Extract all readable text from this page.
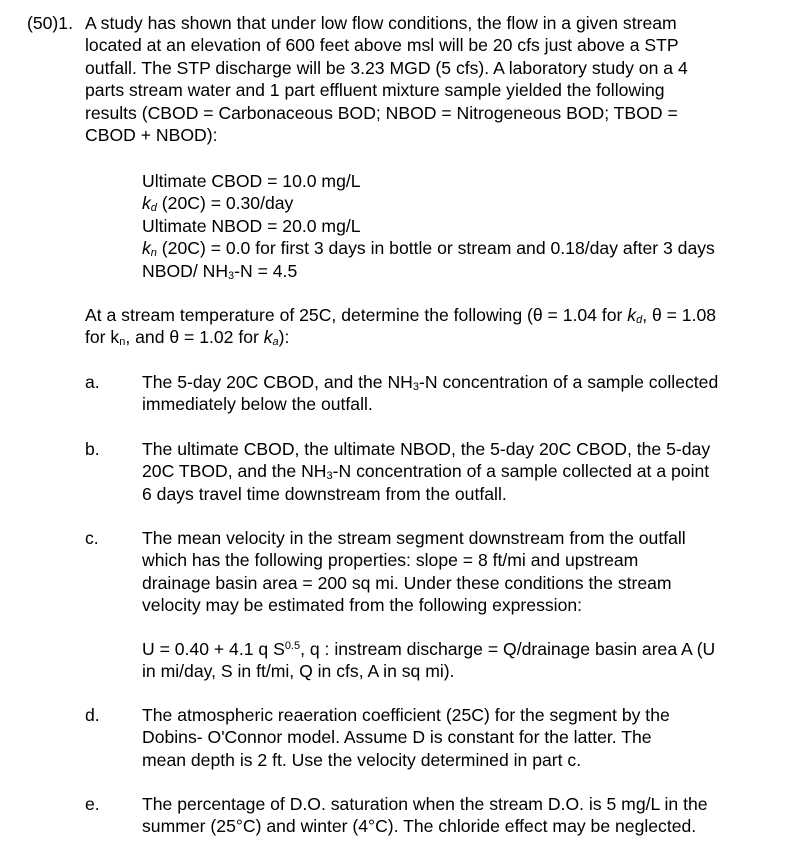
(50)1. A study has shown that under low flow conditions, the flow in a given stream
located at an elevation of 600 feet above msl will be 20 cfs just above a STP
outfall. The STP discharge will be 3.23 MGD (5 cfs). A laboratory study on a 4
parts stream water and 1 part effluent mixture sample yielded the following
results (CBOD = Carbonaceous BOD; NBOD = Nitrogeneous BOD; TBOD =
CBOD + NBOD):
Ultimate CBOD = 10.0 mg/L
$k_d$ (20C) = 0.30/day
Ultimate NBOD = 20.0 mg/L
$k_n$ (20C) = 0.0 for first 3 days in bottle or stream and 0.18/day after 3 days
NBOD/ $NH_3-N = 4.5$
At a stream temperature of 25C, determine the following (θ = 1.04 for $k_d$, θ = 1.08
for $k_n$, and θ = 1.02 for $k_a$):
a.	The 5-day 20C CBOD, and the $NH_3-N$ concentration of a sample collected
immediately below the outfall.
b.	The ultimate CBOD, the ultimate NBOD, the 5-day 20C CBOD, the 5-day
20C TBOD, and the $NH_3-N$ concentration of a sample collected at a point
6 days travel time downstream from the outfall.
c.	The mean velocity in the stream segment downstream from the outfall
which has the following properties: slope = 8 ft/mi and upstream
drainage basin area = 200 sq mi. Under these conditions the stream
velocity may be estimated from the following expression:
U = 0.40 + 4.1 q $S^{0.5}$, q : instream discharge = Q/drainage basin area A (U
in mi/day, S in ft/mi, Q in cfs, A in sq mi).
d.	The atmospheric reaeration coefficient (25C) for the segment by the
Dobins- O'Connor model. Assume D is constant for the latter. The
mean depth is 2 ft. Use the velocity determined in part c.
e.	The percentage of D.O. saturation when the stream D.O. is 5 mg/L in the
summer (25°C) and winter (4°C). The chloride effect may be neglected.
